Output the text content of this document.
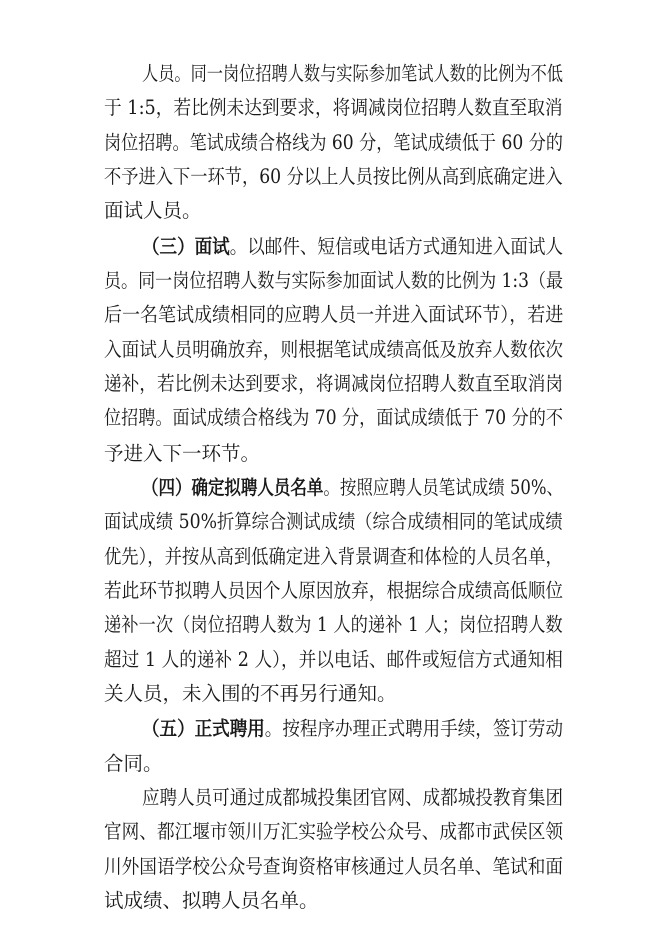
人员。同一岗位招聘人数与实际参加笔试人数的比例为不低
于 1:5，若比例未达到要求，将调减岗位招聘人数直至取消
岗位招聘。笔试成绩合格线为 60 分，笔试成绩低于 60 分的
不予进入下一环节，60 分以上人员按比例从高到底确定进入
面试人员。
（三）面试。以邮件、短信或电话方式通知进入面试人
员。同一岗位招聘人数与实际参加面试人数的比例为 1:3（最
后一名笔试成绩相同的应聘人员一并进入面试环节），若进
入面试人员明确放弃，则根据笔试成绩高低及放弃人数依次
递补，若比例未达到要求，将调减岗位招聘人数直至取消岗
位招聘。面试成绩合格线为 70 分，面试成绩低于 70 分的不
予进入下一环节。
（四）确定拟聘人员名单。按照应聘人员笔试成绩 50%、
面试成绩 50%折算综合测试成绩（综合成绩相同的笔试成绩
优先），并按从高到低确定进入背景调查和体检的人员名单，
若此环节拟聘人员因个人原因放弃，根据综合成绩高低顺位
递补一次（岗位招聘人数为 1 人的递补 1 人；岗位招聘人数
超过 1 人的递补 2 人），并以电话、邮件或短信方式通知相
关人员，未入围的不再另行通知。
（五）正式聘用。按程序办理正式聘用手续，签订劳动
合同。
应聘人员可通过成都城投集团官网、成都城投教育集团
官网、都江堰市领川万汇实验学校公众号、成都市武侯区领
川外国语学校公众号查询资格审核通过人员名单、笔试和面
试成绩、拟聘人员名单。
